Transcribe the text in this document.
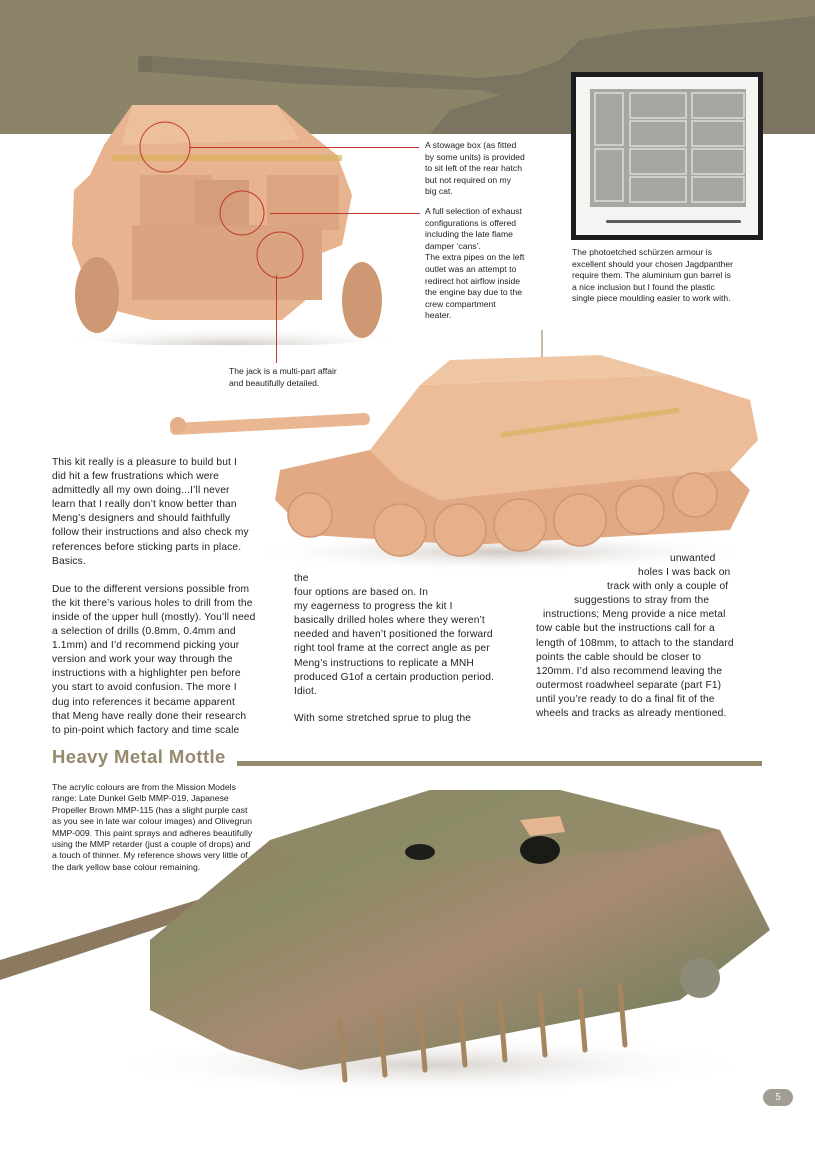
A stowage box (as fitted
by some units) is provided
to sit left of the rear hatch
but not required on my
big cat.
A full selection of exhaust
configurations is offered
including the late flame
damper ‘cans’.
The extra pipes on the left
outlet was an attempt to
redirect hot airflow inside
the engine bay due to the
crew compartment
heater.
The jack is a multi-part affair
and beautifully detailed.
The photoetched schürzen armour is
excellent should your chosen Jagdpanther
require them. The aluminium gun barrel is
a nice inclusion but I found the plastic
single piece moulding easier to work with.
This kit really is a pleasure to build but I
did hit a few frustrations which were
admittedly all my own doing...I’ll never
learn that I really don’t know better than
Meng’s designers and should faithfully
follow their instructions and also check my
references before sticking parts in place.
Basics.
Due to the different versions possible from
the kit there’s various holes to drill from the
inside of the upper hull (mostly). You’ll need
a selection of drills (0.8mm, 0.4mm and
1.1mm) and I’d recommend picking your
version and work your way through the
instructions with a highlighter pen before
you start to avoid confusion. The more I
dug into references it became apparent
that Meng have really done their research
to pin-point which factory and time scale
the
four options are based on. In
my eagerness to progress the kit I
basically drilled holes where they weren’t
needed and haven’t positioned the forward
right tool frame at the correct angle as per
Meng’s instructions to replicate a MNH
produced G1of a certain production period.
Idiot.
With some stretched sprue to plug the
unwanted
holes I was back on
track with only a couple of
suggestions to stray from the
instructions; Meng provide a nice metal
tow cable but the instructions call for a
length of 108mm, to attach to the standard
points the cable should be closer to
120mm. I’d also recommend leaving the
outermost roadwheel separate (part F1)
until you’re ready to do a final fit of the
wheels and tracks as already mentioned.
Heavy Metal Mottle
The acrylic colours are from the Mission Models
range: Late Dunkel Gelb MMP-019, Japanese
Propeller Brown MMP-115 (has a slight purple cast
as you see in late war colour images) and Olivegrun
MMP-009. This paint sprays and adheres beautifully
using the MMP retarder (just a couple of drops) and
a touch of thinner. My reference shows very little of
the dark yellow base colour remaining.
5
